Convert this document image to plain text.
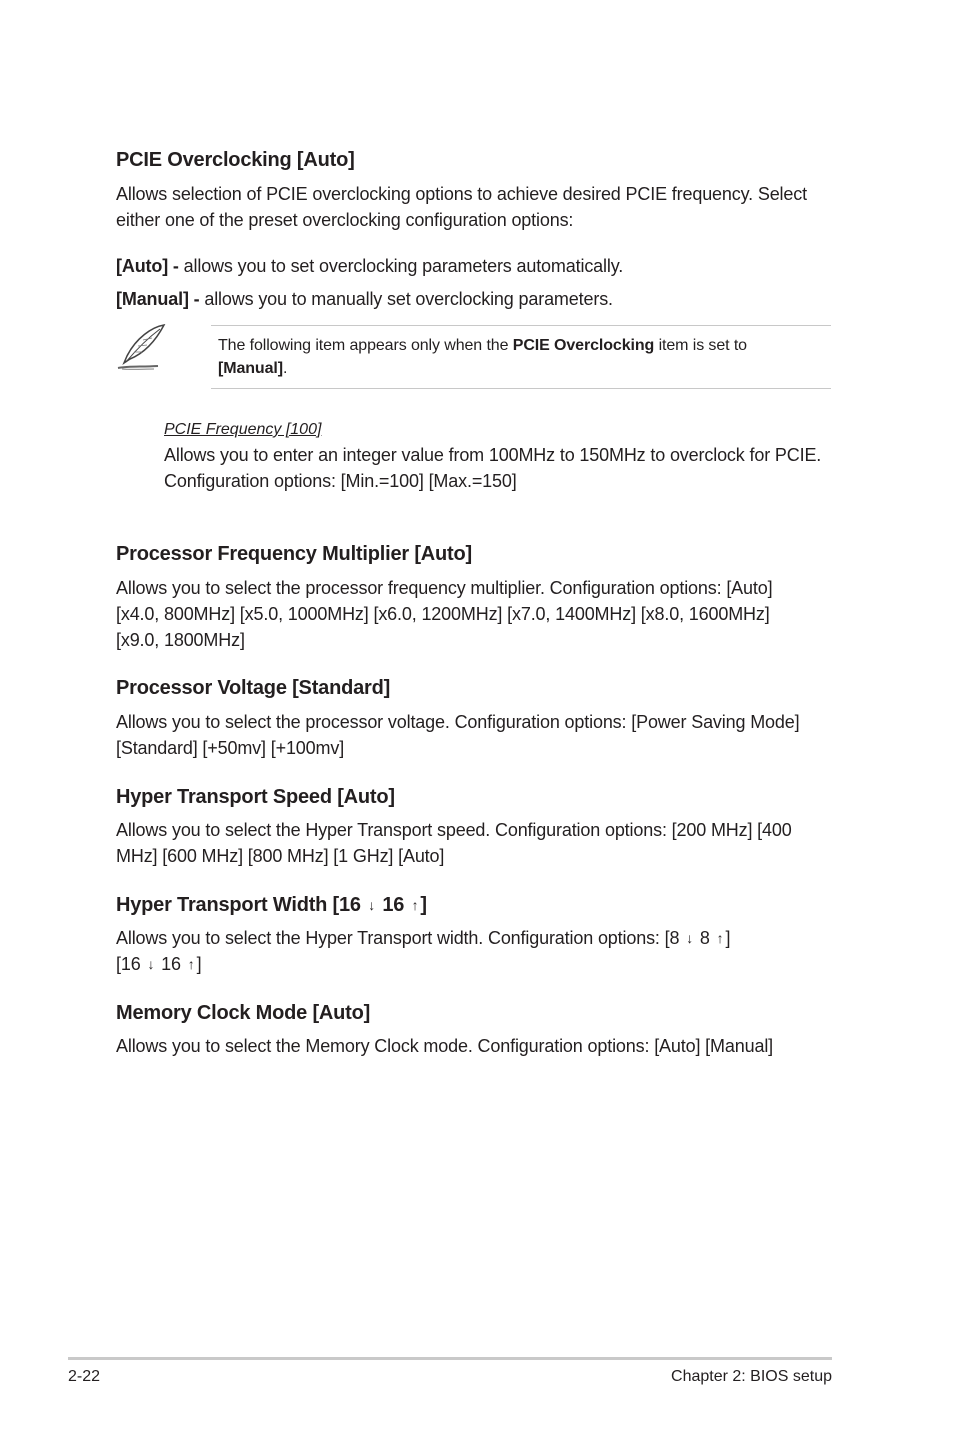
PCIE Overclocking [Auto]

Allows selection of PCIE overclocking options to achieve desired PCIE frequency. Select either one of the preset overclocking configuration options:

[Auto] - allows you to set overclocking parameters automatically.

[Manual] - allows you to manually set overclocking parameters.

The following item appears only when the PCIE Overclocking item is set to
[Manual].
PCIE Frequency [100]
Allows you to enter an integer value from 100MHz to 150MHz to overclock for PCIE. Configuration options: [Min.=100] [Max.=150]
Processor Frequency Multiplier [Auto]

Allows you to select the processor frequency multiplier. Configuration options: [Auto] [x4.0, 800MHz] [x5.0, 1000MHz] [x6.0, 1200MHz] [x7.0, 1400MHz] [x8.0, 1600MHz] [x9.0, 1800MHz]

Processor Voltage [Standard]

Allows you to select the processor voltage. Configuration options: [Power Saving Mode] [Standard] [+50mv] [+100mv]

Hyper Transport Speed [Auto]

Allows you to select the Hyper Transport speed. Configuration options: [200 MHz] [400 MHz] [600 MHz] [800 MHz] [1 GHz] [Auto]

Hyper Transport Width [16 ↓ 16 ↑ ]

Allows you to select the Hyper Transport width. Configuration options: [8 ↓ 8 ↑ ]
[16 ↓ 16 ↑ ]

Memory Clock Mode [Auto]

Allows you to select the Memory Clock mode. Configuration options: [Auto] [Manual]

2-22	Chapter 2: BIOS setup
